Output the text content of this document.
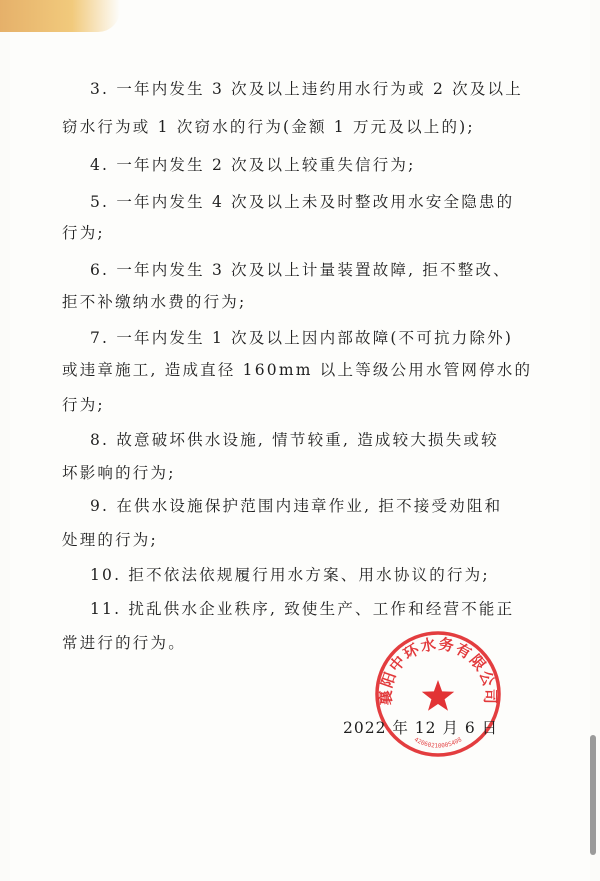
3. 一年内发生 3 次及以上违约用水行为或 2 次及以上
窃水行为或 1 次窃水的行为(金额 1 万元及以上的);
4. 一年内发生 2 次及以上较重失信行为;
5. 一年内发生 4 次及以上未及时整改用水安全隐患的
行为;
6. 一年内发生 3 次及以上计量装置故障, 拒不整改、
拒不补缴纳水费的行为;
7. 一年内发生 1 次及以上因内部故障(不可抗力除外)
或违章施工, 造成直径 160mm 以上等级公用水管网停水的
行为;
8. 故意破坏供水设施, 情节较重, 造成较大损失或较
坏影响的行为;
9. 在供水设施保护范围内违章作业, 拒不接受劝阻和
处理的行为;
10. 拒不依法依规履行用水方案、用水协议的行为;
11. 扰乱供水企业秩序, 致使生产、工作和经营不能正
常进行的行为。
2022 年 12 月 6 日
襄阳中环水务有限公司
4206021000S408
